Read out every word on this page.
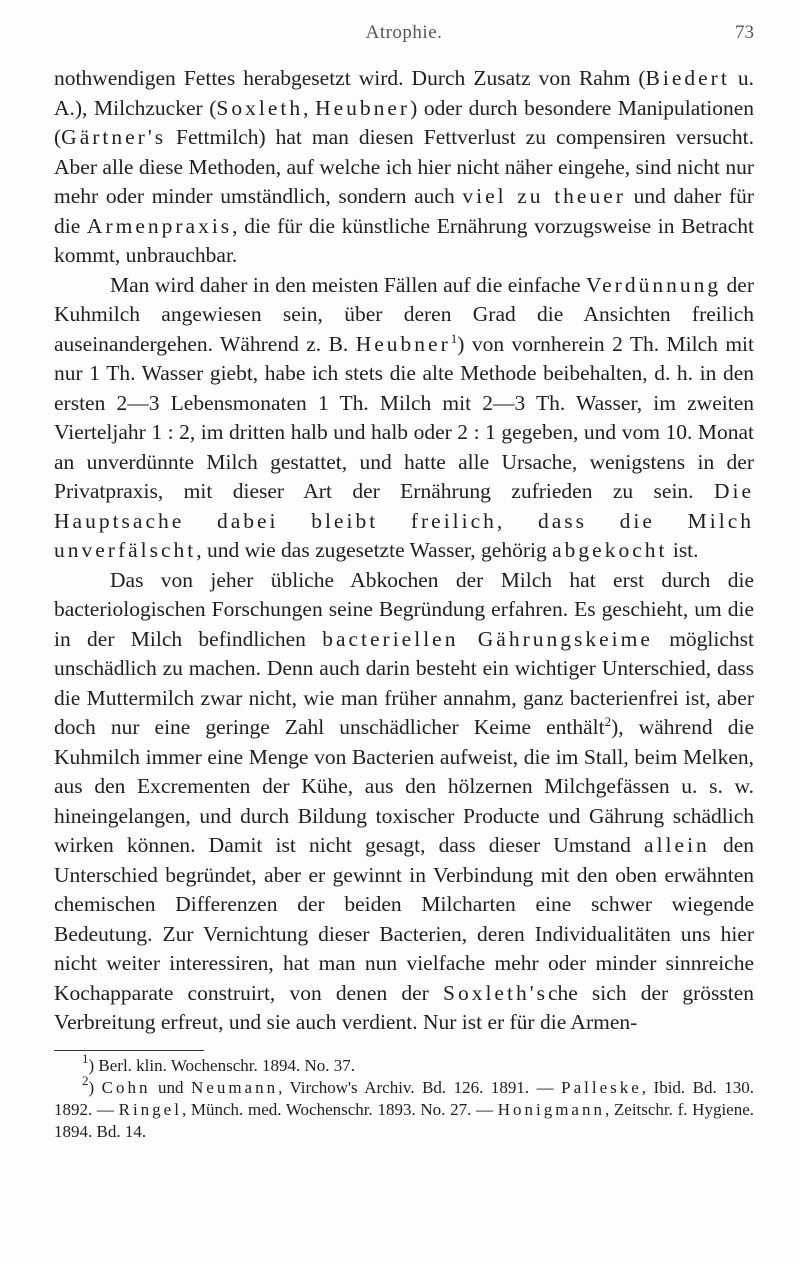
Atrophie.	73

nothwendigen Fettes herabgesetzt wird. Durch Zusatz von Rahm (Biedert u. A.), Milchzucker (Soxleth, Heubner) oder durch besondere Manipulationen (Gärtner's Fettmilch) hat man diesen Fettverlust zu compensiren versucht. Aber alle diese Methoden, auf welche ich hier nicht näher eingehe, sind nicht nur mehr oder minder umständlich, sondern auch viel zu theuer und daher für die Armenpraxis, die für die künstliche Ernährung vorzugsweise in Betracht kommt, unbrauchbar.

Man wird daher in den meisten Fällen auf die einfache Verdünnung der Kuhmilch angewiesen sein, über deren Grad die Ansichten freilich auseinandergehen. Während z. B. Heubner$^1$) von vornherein 2 Th. Milch mit nur 1 Th. Wasser giebt, habe ich stets die alte Methode beibehalten, d. h. in den ersten 2—3 Lebensmonaten 1 Th. Milch mit 2—3 Th. Wasser, im zweiten Vierteljahr 1 : 2, im dritten halb und halb oder 2 : 1 gegeben, und vom 10. Monat an unverdünnte Milch gestattet, und hatte alle Ursache, wenigstens in der Privatpraxis, mit dieser Art der Ernährung zufrieden zu sein. Die Hauptsache dabei bleibt freilich, dass die Milch unverfälscht, und wie das zugesetzte Wasser, gehörig abgekocht ist.

Das von jeher übliche Abkochen der Milch hat erst durch die bacteriologischen Forschungen seine Begründung erfahren. Es geschieht, um die in der Milch befindlichen bacteriellen Gährungskeime möglichst unschädlich zu machen. Denn auch darin besteht ein wichtiger Unterschied, dass die Muttermilch zwar nicht, wie man früher annahm, ganz bacterienfrei ist, aber doch nur eine geringe Zahl unschädlicher Keime enthält$^2$), während die Kuhmilch immer eine Menge von Bacterien aufweist, die im Stall, beim Melken, aus den Excrementen der Kühe, aus den hölzernen Milchgefässen u. s. w. hineingelangen, und durch Bildung toxischer Producte und Gährung schädlich wirken können. Damit ist nicht gesagt, dass dieser Umstand allein den Unterschied begründet, aber er gewinnt in Verbindung mit den oben erwähnten chemischen Differenzen der beiden Milcharten eine schwer wiegende Bedeutung. Zur Vernichtung dieser Bacterien, deren Individualitäten uns hier nicht weiter interessiren, hat man nun vielfache mehr oder minder sinnreiche Kochapparate construirt, von denen der Soxleth'sche sich der grössten Verbreitung erfreut, und sie auch verdient. Nur ist er für die Armen-

$^1$) Berl. klin. Wochenschr. 1894. No. 37.

$^2$) Cohn und Neumann, Virchow's Archiv. Bd. 126. 1891. — Palleske, Ibid. Bd. 130. 1892. — Ringel, Münch. med. Wochenschr. 1893. No. 27. — Honigmann, Zeitschr. f. Hygiene. 1894. Bd. 14.
